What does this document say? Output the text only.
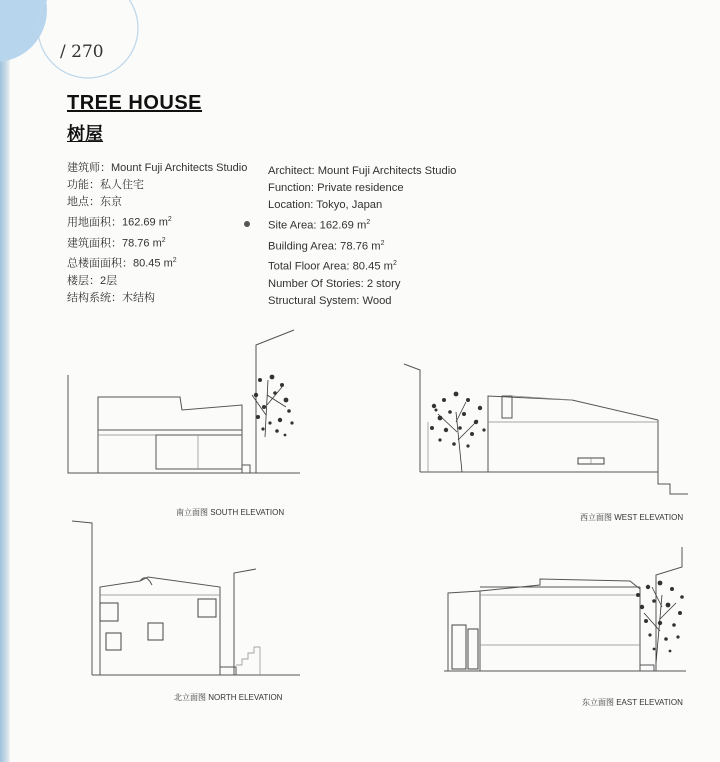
/ 270
TREE HOUSE
树屋
建筑师：Mount Fuji Architects Studio
功能：私人住宅
地点：东京
用地面积：162.69 $m^2$
建筑面积：78.76 $m^2$
总楼面面积：80.45 $m^2$
楼层：2层
结构系统：木结构
Architect: Mount Fuji Architects Studio
Function: Private residence
Location: Tokyo, Japan
Site Area: 162.69 $m^2$
Building Area: 78.76 $m^2$
Total Floor Area: 80.45 $m^2$
Number Of Stories: 2 story
Structural System: Wood
南立面图 SOUTH ELEVATION
西立面图 WEST ELEVATION
北立面图 NORTH ELEVATION
东立面图 EAST ELEVATION
